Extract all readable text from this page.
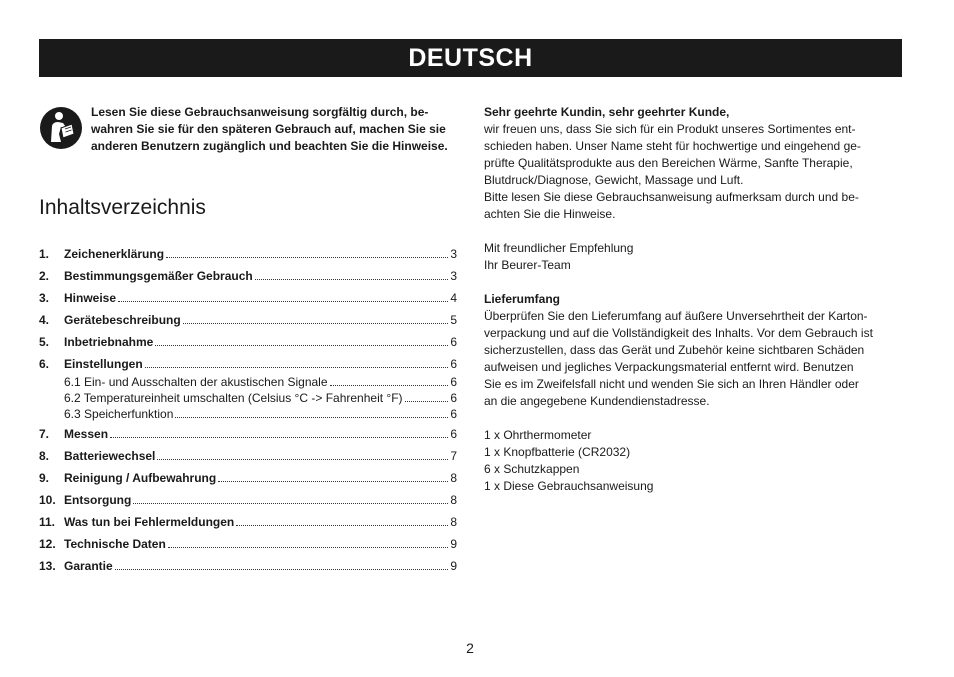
DEUTSCH
Lesen Sie diese Gebrauchsanweisung sorgfältig durch, be-
wahren Sie sie für den späteren Gebrauch auf, machen Sie sie
anderen Benutzern zugänglich und beachten Sie die Hinweise.
Inhaltsverzeichnis
1.	Zeichenerklärung	3
2.	Bestimmungsgemäßer Gebrauch	3
3.	Hinweise	4
4.	Gerätebeschreibung	5
5.	Inbetriebnahme	6
6.	Einstellungen	6
6.1 Ein- und Ausschalten der akustischen Signale	6
6.2 Temperatureinheit umschalten (Celsius °C -> Fahrenheit °F)	6
6.3 Speicherfunktion	6
7.	Messen	6
8.	Batteriewechsel	7
9.	Reinigung / Aufbewahrung	8
10. Entsorgung	8
11. Was tun bei Fehlermeldungen	8
12. Technische Daten	9
13. Garantie	9

Sehr geehrte Kundin, sehr geehrter Kunde,

wir freuen uns, dass Sie sich für ein Produkt unseres Sortimentes ent-

schieden haben. Unser Name steht für hochwertige und eingehend ge-

prüfte Qualitätsprodukte aus den Bereichen Wärme, Sanfte Therapie,

Blutdruck/Diagnose, Gewicht, Massage und Luft.

Bitte lesen Sie diese Gebrauchsanweisung aufmerksam durch und be-

achten Sie die Hinweise.

Mit freundlicher Empfehlung

Ihr Beurer-Team

Lieferumfang

Überprüfen Sie den Lieferumfang auf äußere Unversehrtheit der Karton-

verpackung und auf die Vollständigkeit des Inhalts. Vor dem Gebrauch ist

sicherzustellen, dass das Gerät und Zubehör keine sichtbaren Schäden

aufweisen und jegliches Verpackungsmaterial entfernt wird. Benutzen

Sie es im Zweifelsfall nicht und wenden Sie sich an Ihren Händler oder

an die angegebene Kundendienstadresse.

1 x Ohrthermometer

1 x Knopfbatterie (CR2032)

6 x Schutzkappen

1 x Diese Gebrauchsanweisung

2
